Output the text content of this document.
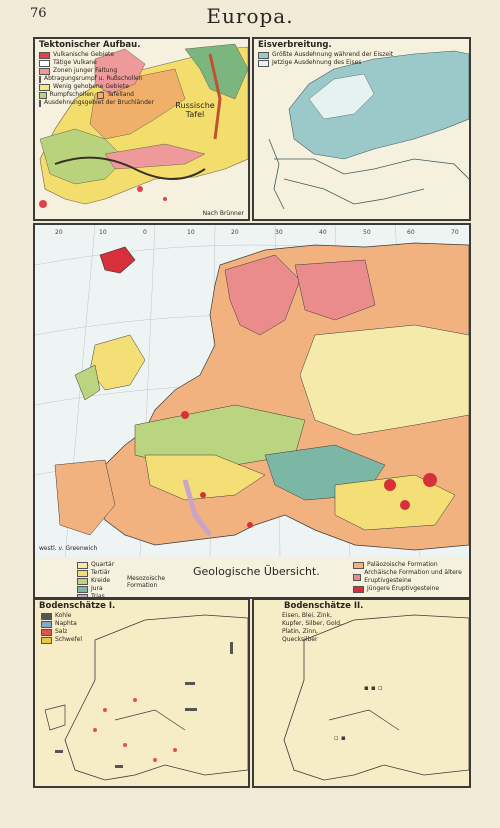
76	Europa.
Tektonischer Aufbau.
Vulkanische Gebiete
Tätige Vulkane
Zonen junger Faltung
Abtragungsrumpf u. Rußschollen
Wenig gehobene Gebiete
Rumpfschollen Tafelland
Ausdehnungsgebiet der Bruchländer	Russische Tafel
Nach Brünner
Eisverbreitung.
Größte Ausdehnung während der Eiszeit
Jetzige Ausdehnung des Eises
20	10	0	10	20	30	40	50	60	70
westl. v. Greenwich
Geologische Übersicht.
Quartär
Tertiär
Kreide
Jura
Trias
Mesozoische Formation
Paläozoische Formation
Archäische Formation und ältere Eruptivgesteine
Jüngere Eruptivgesteine
Bodenschätze I.
Kohle
Naphta
Salz
Schwefel
▪ ▪ ▫
▫ ▪
Bodenschätze II.
Eisen, Blei, Zink, Kupfer, Silber, Gold, Platin, Zinn, Quecksilber
